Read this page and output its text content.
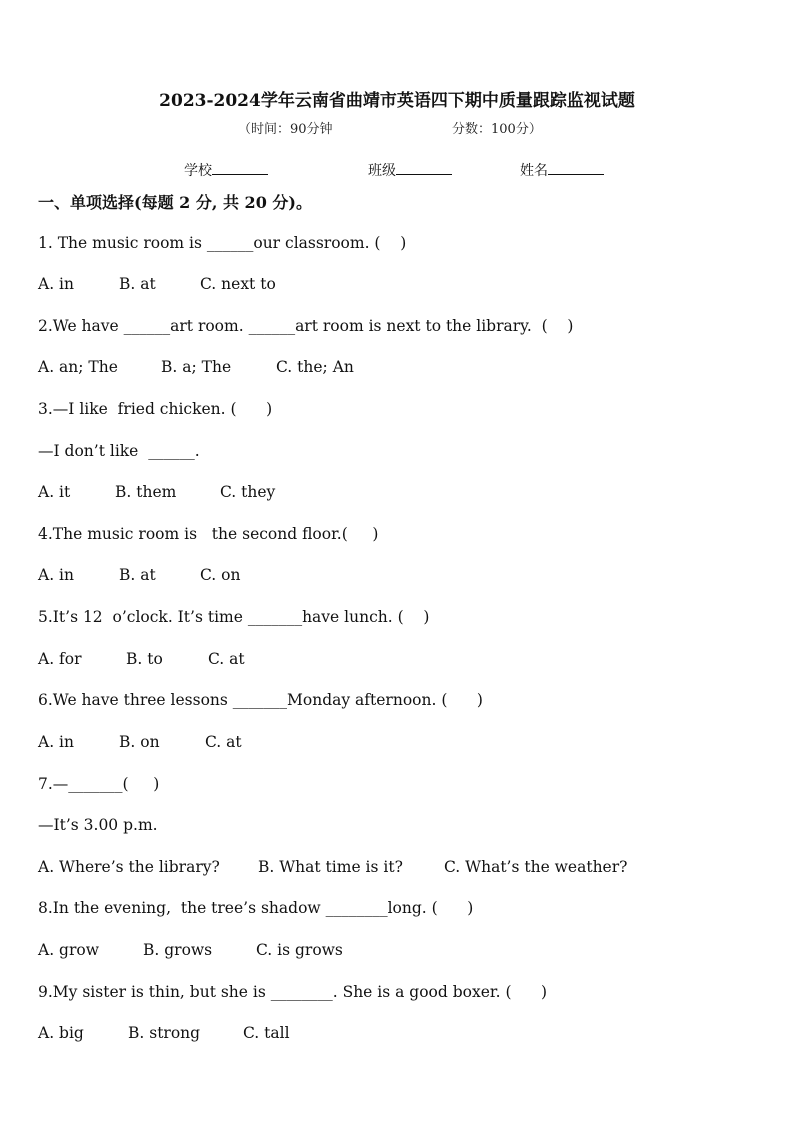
2023-2024学年云南省曲靖市英语四下期中质量跟踪监视试题
（时间：90分钟	分数：100分）
学校	班级	姓名
一、单项选择(每题 2 分, 共 20 分)。
1. The music room is ______our classroom. (    )
A. in	B. at	C. next to
2.We have ______art room. ______art room is next to the library.  (    )
A. an; The	B. a; The	C. the; An
3.—I like  fried chicken. (      )
—I don’t like  ______.
A. it	B. them	C. they
4.The music room is   the second floor.(     )
A. in	B. at	C. on
5.It’s 12  o’clock. It’s time _______have lunch. (    )
A. for	B. to	C. at
6.We have three lessons _______Monday afternoon. (      )
A. in	B. on	C. at
7.—_______(     )
—It’s 3.00 p.m.
A. Where’s the library? B. What time is it?	C. What’s the weather?
8.In the evening,  the tree’s shadow ________long. (      )
A. grow	B. grows	C. is grows
9.My sister is thin, but she is ________. She is a good boxer. (      )
A. big	B. strong	C. tall
